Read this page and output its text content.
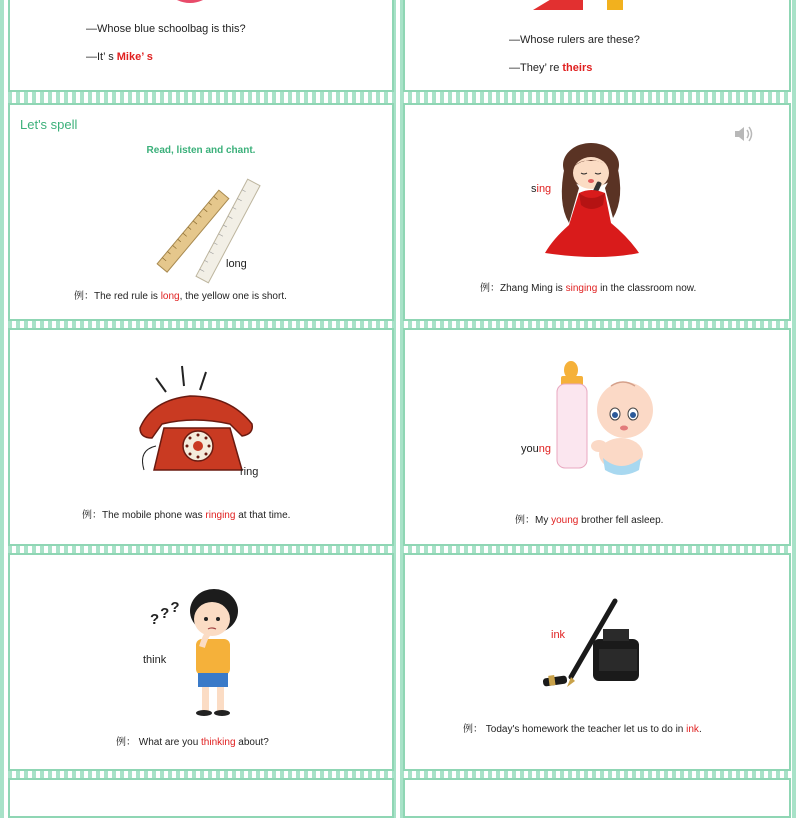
—Whose blue schoolbag is this?
—It’ s Mike’ s
—Whose rulers are these?
—They’ re theirs
Let's spell
Read, listen and chant.
long
例：The red rule is long, the yellow one is short.
sing
例：Zhang Ming is singing in the classroom now.
ring
例：The mobile phone was ringing at that time.
young
例：My young brother fell asleep.
???
think
例： What are you thinking about?
ink
例： Today's homework the teacher let us to do in ink.
